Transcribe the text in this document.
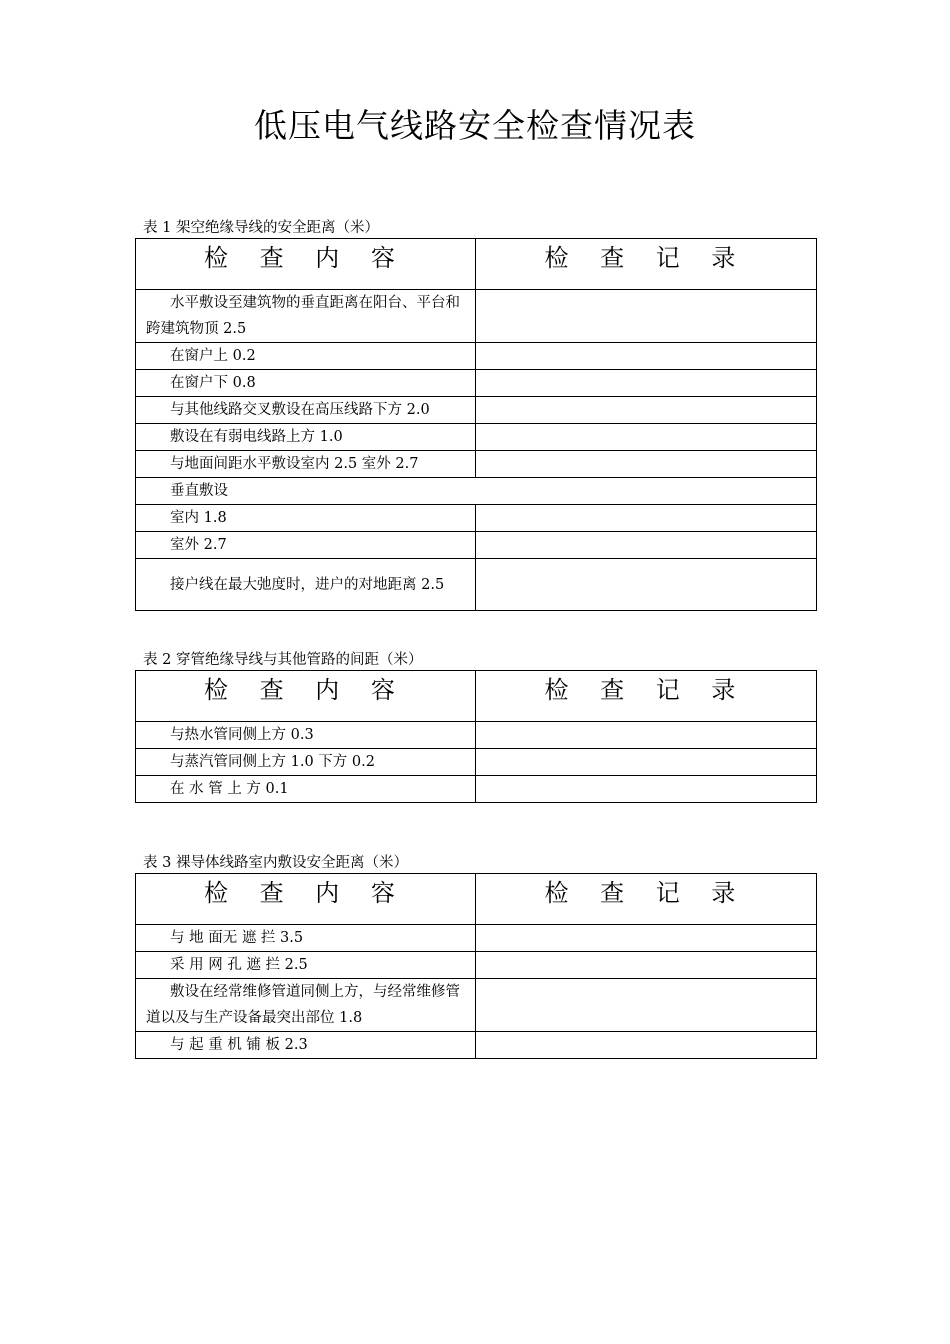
低压电气线路安全检查情况表
表 1 架空绝缘导线的安全距离（米）
检 查 内 容	检 查 记 录
水平敷设至建筑物的垂直距离在阳台、平台和跨建筑物顶 2.5	
在窗户上 0.2	
在窗户下 0.8	
与其他线路交叉敷设在高压线路下方 2.0	
敷设在有弱电线路上方 1.0	
与地面间距水平敷设室内 2.5 室外 2.7	
垂直敷设	
室内 1.8	
室外 2.7	
接户线在最大弛度时，进户的对地距离 2.5	
表 2 穿管绝缘导线与其他管路的间距（米）
检 查 内 容	检 查 记 录
与热水管同侧上方 0.3	
与蒸汽管同侧上方 1.0 下方 0.2	
在 水 管 上 方 0.1	
表 3 裸导体线路室内敷设安全距离（米）
检 查 内 容	检 查 记 录
与 地 面无 遮 拦 3.5	
采 用 网 孔 遮 拦 2.5	
敷设在经常维修管道同侧上方，与经常维修管道以及与生产设备最突出部位 1.8	
与 起 重 机 铺 板 2.3	
